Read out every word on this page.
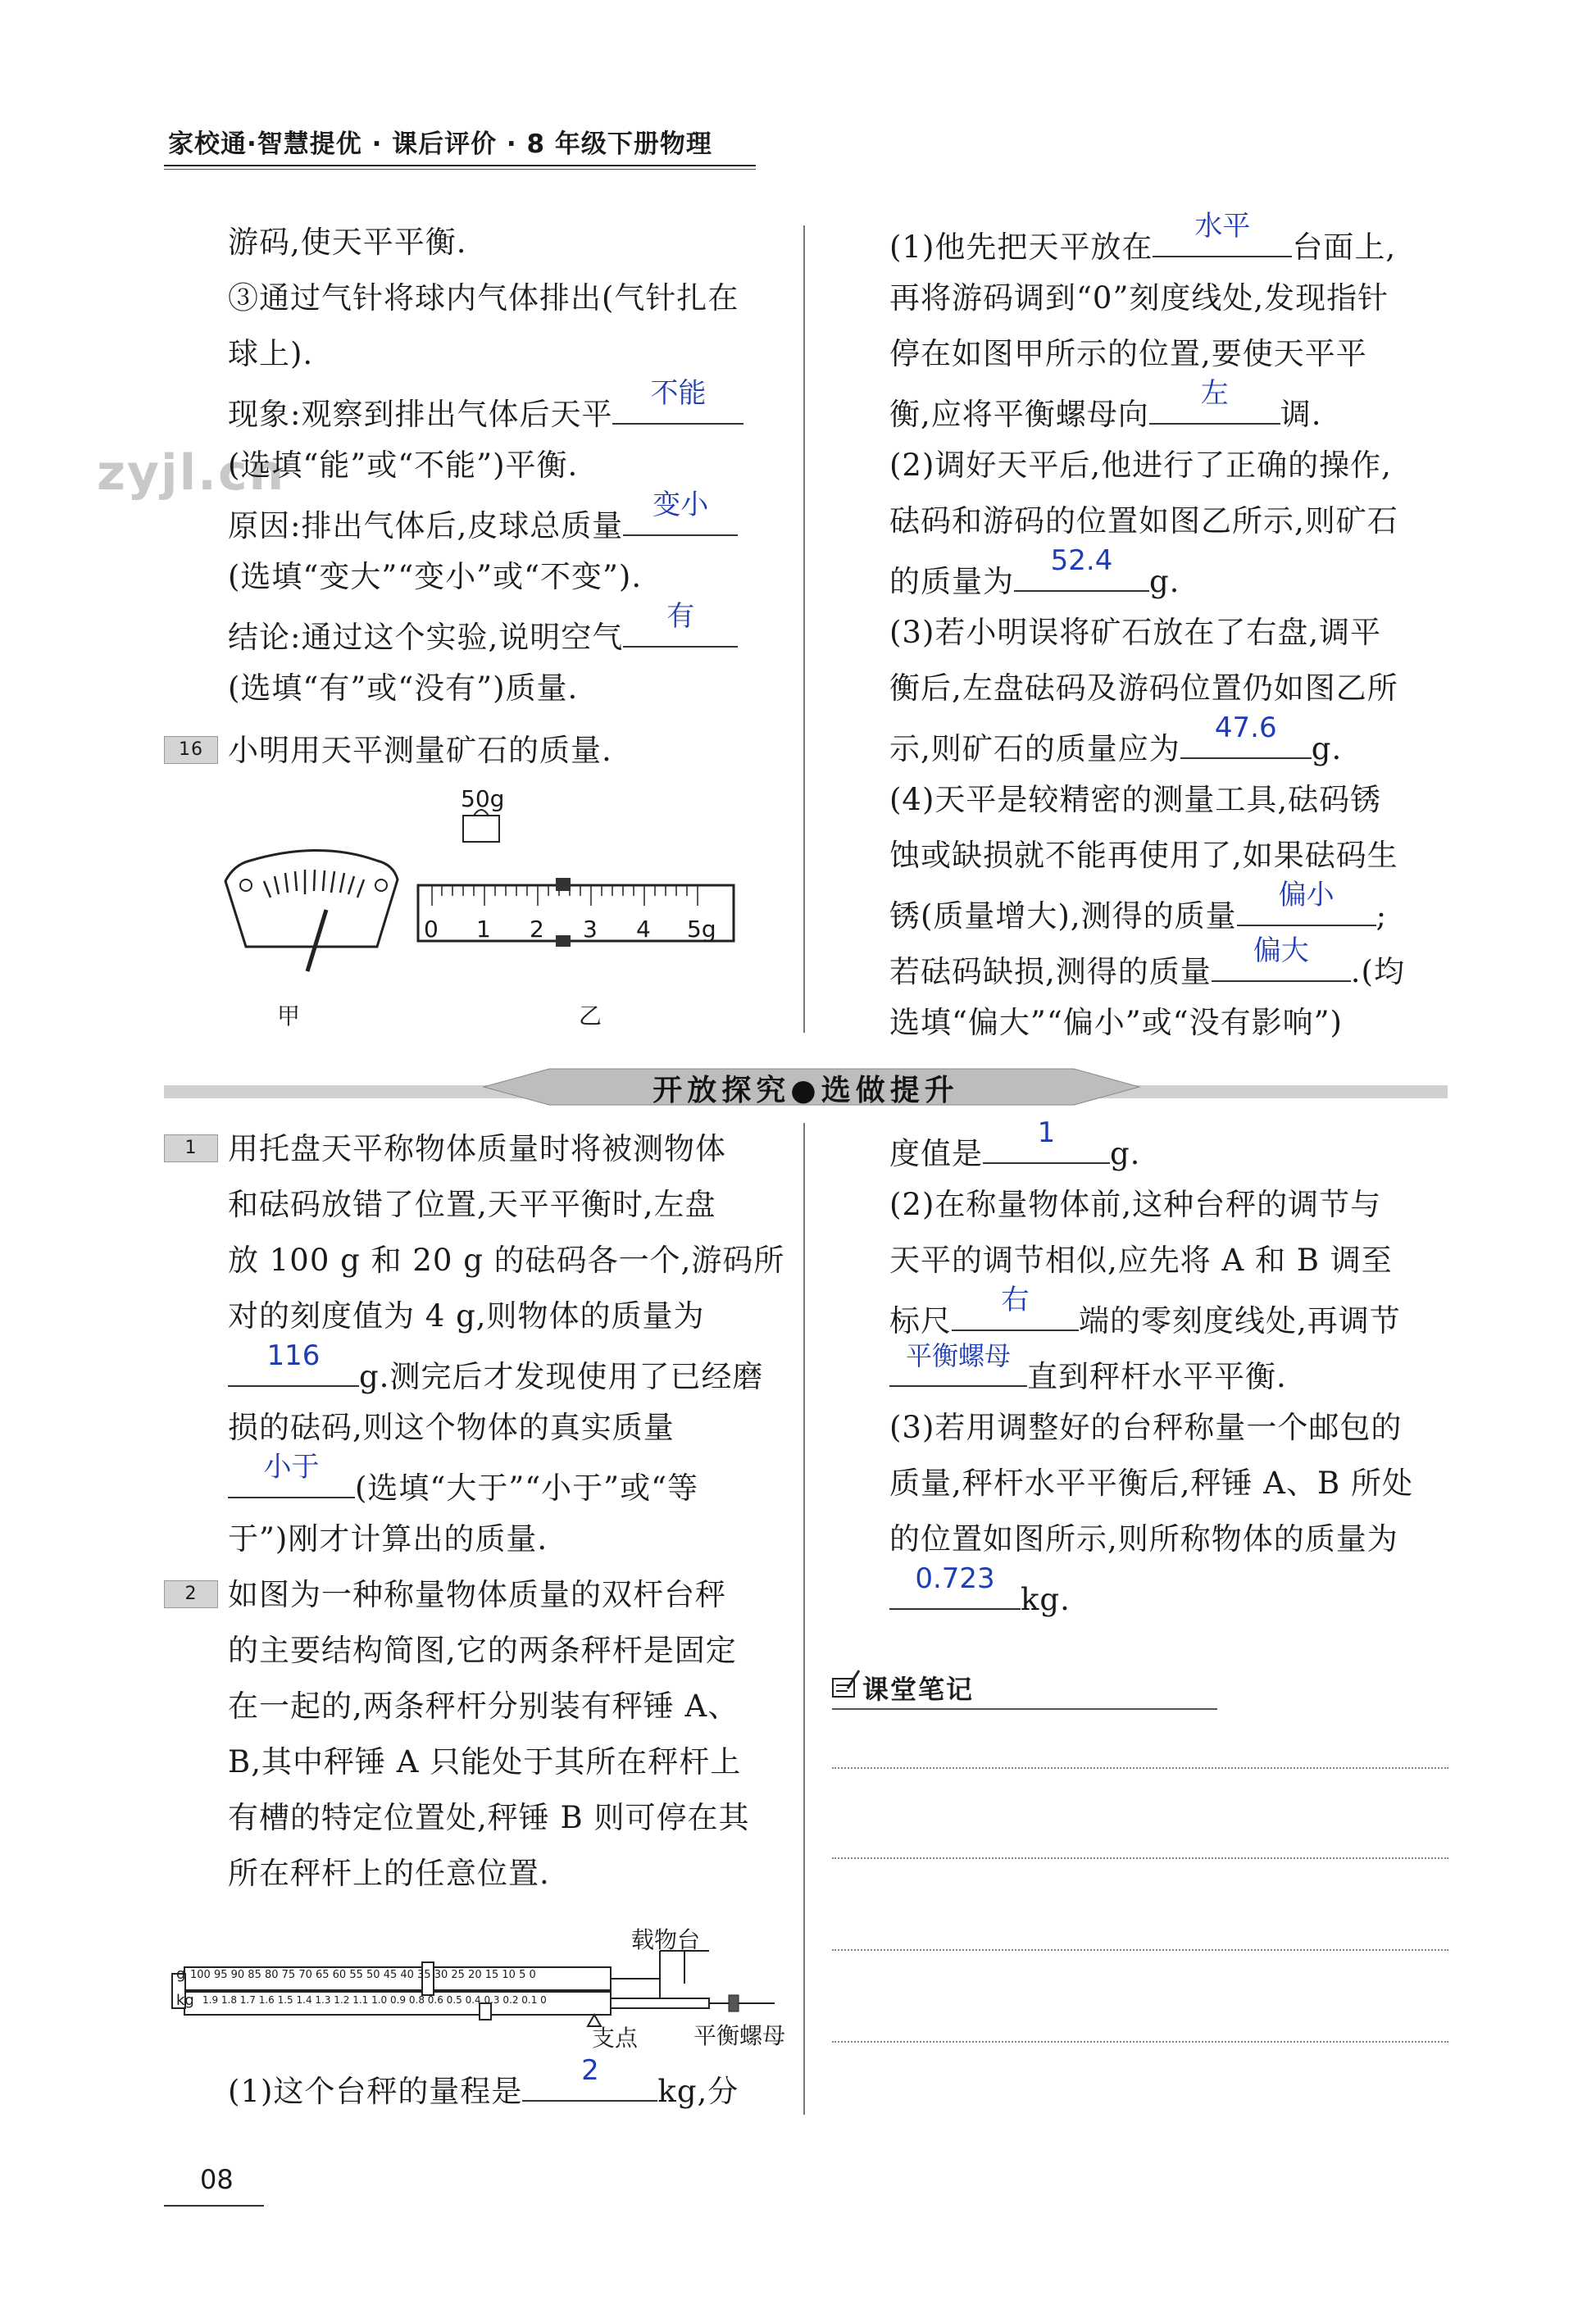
家校通·智慧提优 · 课后评价 · 8 年级下册物理
zyjl.cn
游码,使天平平衡.
③通过气针将球内气体排出(气针扎在
球上).
现象:观察到排出气体后天平
不能
(选填“能”或“不能”)平衡.
原因:排出气体后,皮球总质量
变小
(选填“变大”“变小”或“不变”).
结论:通过这个实验,说明空气
有
(选填“有”或“没有”)质量.
16 小明用天平测量矿石的质量.
50g
0 1 2 3 4 5g
甲	乙
(1)他先把天平放在
水平
台面上,
再将游码调到“0”刻度线处,发现指针
停在如图甲所示的位置,要使天平平
衡,应将平衡螺母向
左
调.
(2)调好天平后,他进行了正确的操作,
砝码和游码的位置如图乙所示,则矿石
的质量为
52.4
g.
(3)若小明误将矿石放在了右盘,调平
衡后,左盘砝码及游码位置仍如图乙所
示,则矿石的质量应为
47.6
g.
(4)天平是较精密的测量工具,砝码锈
蚀或缺损就不能再使用了,如果砝码生
锈(质量增大),测得的质量
偏小
;
若砝码缺损,测得的质量
偏大
.(均
选填“偏大”“偏小”或“没有影响”)
开放探究●选做提升
1 用托盘天平称物体质量时将被测物体
和砝码放错了位置,天平平衡时,左盘
放 100 g 和 20 g 的砝码各一个,游码所
对的刻度值为 4 g,则物体的质量为
116
g.测完后才发现使用了已经磨
损的砝码,则这个物体的真实质量
小于
(选填“大于”“小于”或“等
于”)刚才计算出的质量.
2 如图为一种称量物体质量的双杆台秤
的主要结构简图,它的两条秤杆是固定
在一起的,两条秤杆分别装有秤锤 A、
B,其中秤锤 A 只能处于其所在秤杆上
有槽的特定位置处,秤锤 B 则可停在其
所在秤杆上的任意位置.
100 95 90 85 80 75 70 65 60 55 50 45 40 35 30 25 20 15 10 5 0
1.9 1.8 1.7 1.6 1.5 1.4 1.3 1.2 1.1 1.0 0.9 0.8 0.6 0.5 0.4 0.3 0.2 0.1 0
g
kg
载物台
支点 平衡螺母
(1)这个台秤的量程是
2
kg,分
度值是
1
g.
(2)在称量物体前,这种台秤的调节与
天平的调节相似,应先将 A 和 B 调至
标尺
右
端的零刻度线处,再调节
平衡螺母
直到秤杆水平平衡.
(3)若用调整好的台秤称量一个邮包的
质量,秤杆水平平衡后,秤锤 A、B 所处
的位置如图所示,则所称物体的质量为
0.723
kg.
课堂笔记
08
